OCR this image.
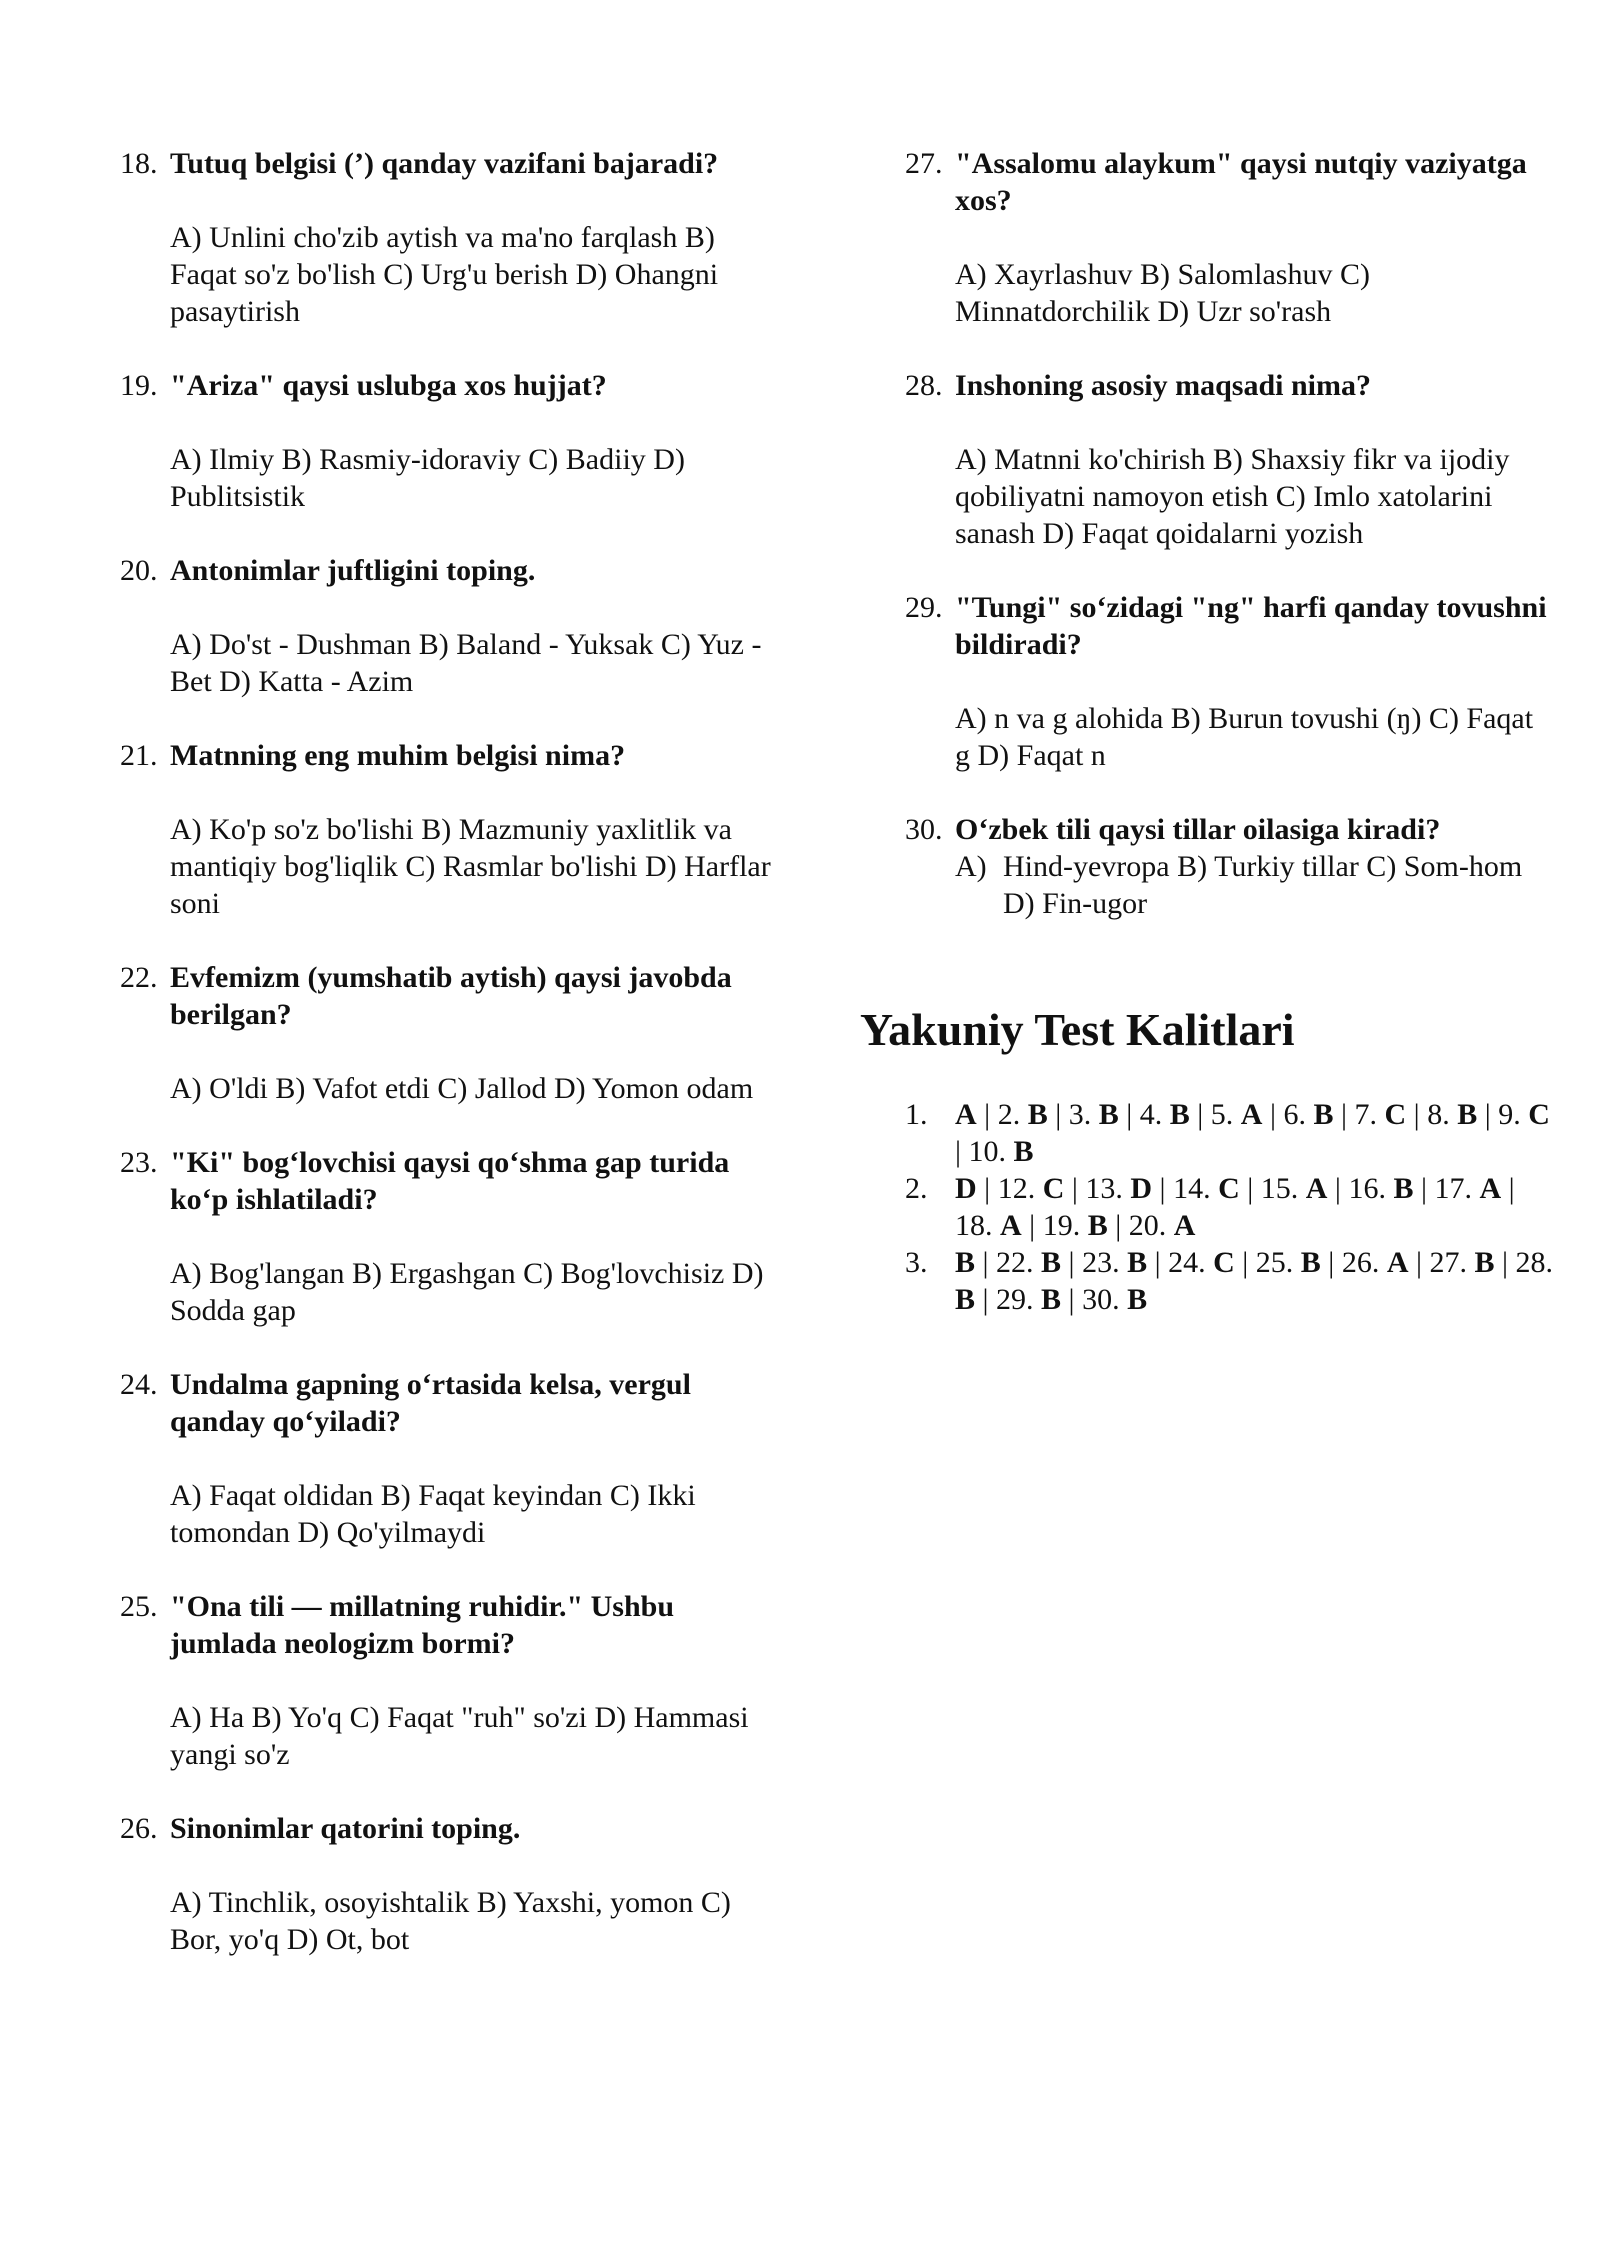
18. Tutuq belgisi (’) qanday vazifani bajaradi?
A) Unlini cho'zib aytish va ma'no farqlash B) Faqat so'z bo'lish C) Urg'u berish D) Ohangni pasaytirish
19. "Ariza" qaysi uslubga xos hujjat?
A) Ilmiy B) Rasmiy-idoraviy C) Badiiy D) Publitsistik
20. Antonimlar juftligini toping.
A) Do'st - Dushman B) Baland - Yuksak C) Yuz - Bet D) Katta - Azim
21. Matnning eng muhim belgisi nima?
A) Ko'p so'z bo'lishi B) Mazmuniy yaxlitlik va mantiqiy bog'liqlik C) Rasmlar bo'lishi D) Harflar soni
22. Evfemizm (yumshatib aytish) qaysi javobda berilgan?
A) O'ldi B) Vafot etdi C) Jallod D) Yomon odam
23. "Ki" bog‘lovchisi qaysi qo‘shma gap turida ko‘p ishlatiladi?
A) Bog'langan B) Ergashgan C) Bog'lovchisiz D) Sodda gap
24. Undalma gapning o‘rtasida kelsa, vergul qanday qo‘yiladi?
A) Faqat oldidan B) Faqat keyindan C) Ikki tomondan D) Qo'yilmaydi
25. "Ona tili — millatning ruhidir." Ushbu jumlada neologizm bormi?
A) Ha B) Yo'q C) Faqat "ruh" so'zi D) Hammasi yangi so'z
26. Sinonimlar qatorini toping.
A) Tinchlik, osoyishtalik B) Yaxshi, yomon C) Bor, yo'q D) Ot, bot
27. "Assalomu alaykum" qaysi nutqiy vaziyatga xos?
A) Xayrlashuv B) Salomlashuv C) Minnatdorchilik D) Uzr so'rash
28. Inshoning asosiy maqsadi nima?
A) Matnni ko'chirish B) Shaxsiy fikr va ijodiy qobiliyatni namoyon etish C) Imlo xatolarini sanash D) Faqat qoidalarni yozish
29. "Tungi" so‘zidagi "ng" harfi qanday tovushni bildiradi?
A) n va g alohida B) Burun tovushi (ŋ) C) Faqat g D) Faqat n
30. O‘zbek tili qaysi tillar oilasiga kiradi?
A) Hind-yevropa B) Turkiy tillar C) Som-hom D) Fin-ugor
Yakuniy Test Kalitlari
1. A | 2. B | 3. B | 4. B | 5. A | 6. B | 7. C | 8. B | 9. C | 10. B
2. D | 12. C | 13. D | 14. C | 15. A | 16. B | 17. A | 18. A | 19. B | 20. A
3. B | 22. B | 23. B | 24. C | 25. B | 26. A | 27. B | 28. B | 29. B | 30. B
